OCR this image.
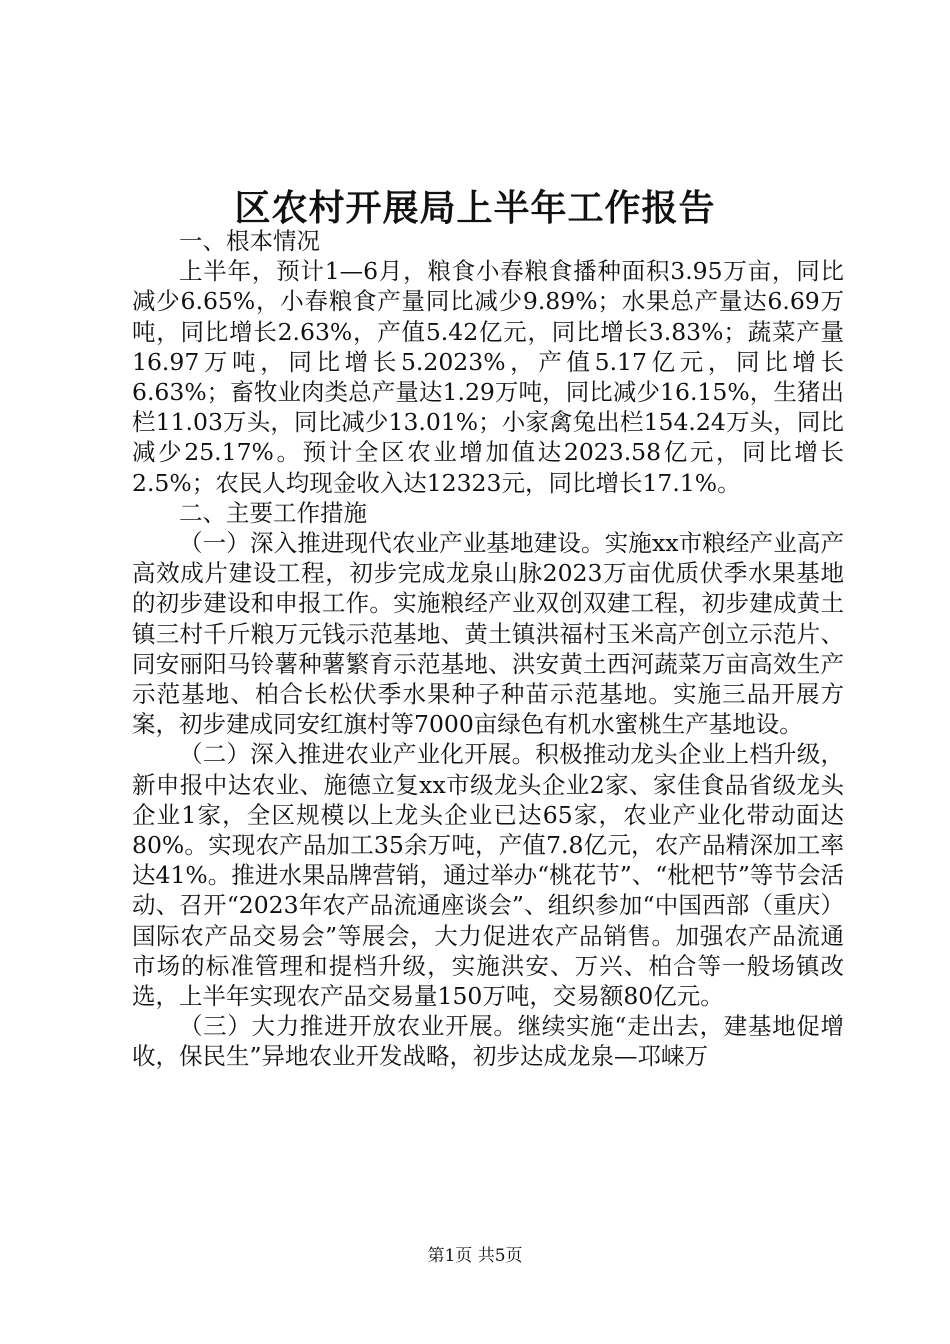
区农村开展局上半年工作报告

一、根本情况

上半年，预计1—6月，粮食小春粮食播种面积3.95万亩，同比减少6.65%，小春粮食产量同比减少9.89%；水果总产量达6.69万吨，同比增长2.63%，产值5.42亿元，同比增长3.83%；蔬菜产量16.97万吨，同比增长5.2023%，产值5.17亿元，同比增长6.63%；畜牧业肉类总产量达1.29万吨，同比减少16.15%，生猪出栏11.03万头，同比减少13.01%；小家禽兔出栏154.24万头，同比减少25.17%。预计全区农业增加值达2023.58亿元，同比增长2.5%；农民人均现金收入达12323元，同比增长17.1%。

二、主要工作措施

（一）深入推进现代农业产业基地建设。实施xx市粮经产业高产高效成片建设工程，初步完成龙泉山脉2023万亩优质伏季水果基地的初步建设和申报工作。实施粮经产业双创双建工程，初步建成黄土镇三村千斤粮万元钱示范基地、黄土镇洪福村玉米高产创立示范片、同安丽阳马铃薯种薯繁育示范基地、洪安黄土西河蔬菜万亩高效生产示范基地、柏合长松伏季水果种子种苗示范基地。实施三品开展方案，初步建成同安红旗村等7000亩绿色有机水蜜桃生产基地设。

（二）深入推进农业产业化开展。积极推动龙头企业上档升级，新申报中达农业、施德立复xx市级龙头企业2家、家佳食品省级龙头企业1家，全区规模以上龙头企业已达65家，农业产业化带动面达80%。实现农产品加工35余万吨，产值7.8亿元，农产品精深加工率达41%。推进水果品牌营销，通过举办“桃花节”、“枇杷节”等节会活动、召开“2023年农产品流通座谈会”、组织参加“中国西部（重庆）国际农产品交易会”等展会，大力促进农产品销售。加强农产品流通市场的标准管理和提档升级，实施洪安、万兴、柏合等一般场镇改选，上半年实现农产品交易量150万吨，交易额80亿元。

（三）大力推进开放农业开展。继续实施“走出去，建基地促增收，保民生”异地农业开发战略，初步达成龙泉—邛崃万

第1页 共5页
